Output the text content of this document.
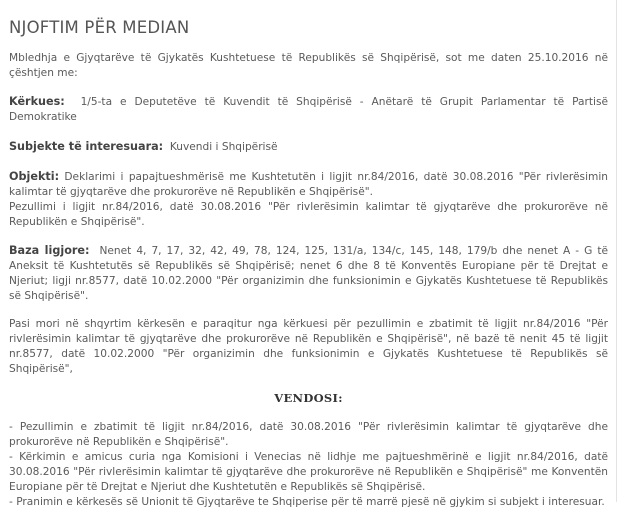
NJOFTIM PËR MEDIAN

Mbledhja e Gjyqtarëve të Gjykatës Kushtetuese të Republikës së Shqipërisë, sot me daten 25.10.2016 në çështjen me:

Kërkues: 1/5-ta e Deputetëve të Kuvendit të Shqipërisë - Anëtarë të Grupit Parlamentar të Partisë Demokratike

Subjekte të interesuara: Kuvendi i Shqipërisë

Objekti: Deklarimi i papajtueshmërisë me Kushtetutën i ligjit nr.84/2016, datë 30.08.2016 "Për rivlerësimin kalimtar të gjyqtarëve dhe prokurorëve në Republikën e Shqipërisë".
Pezullimi i ligjit nr.84/2016, datë 30.08.2016 "Për rivlerësimin kalimtar të gjyqtarëve dhe prokurorëve në Republikën e Shqipërisë".

Baza ligjore: Nenet 4, 7, 17, 32, 42, 49, 78, 124, 125, 131/a, 134/c, 145, 148, 179/b dhe nenet A - G të Aneksit të Kushtetutës së Republikës së Shqipërisë; nenet 6 dhe 8 të Konventës Europiane për të Drejtat e Njeriut; ligji nr.8577, datë 10.02.2000 "Për organizimin dhe funksionimin e Gjykatës Kushtetuese të Republikës së Shqipërisë".

Pasi mori në shqyrtim kërkesën e paraqitur nga kërkuesi për pezullimin e zbatimit të ligjit nr.84/2016 "Për rivlerësimin kalimtar të gjyqtarëve dhe prokurorëve në Republikën e Shqipërisë", në bazë të nenit 45 të ligjit nr.8577, datë 10.02.2000 "Për organizimin dhe funksionimin e Gjykatës Kushtetuese të Republikës së Shqipërisë",

VENDOSI:

- Pezullimin e zbatimit të ligjit nr.84/2016, datë 30.08.2016 "Për rivlerësimin kalimtar të gjyqtarëve dhe prokurorëve në Republikën e Shqipërisë".
- Kërkimin e amicus curia nga Komisioni i Venecias në lidhje me pajtueshmërinë e ligjit nr.84/2016, datë 30.08.2016 "Për rivlerësimin kalimtar të gjyqtarëve dhe prokurorëve në Republikën e Shqipërisë" me Konventën Europiane për të Drejtat e Njeriut dhe Kushtetutën e Republikës së Shqipërisë.
- Pranimin e kërkesës së Unionit të Gjyqtarëve te Shqiperise për të marrë pjesë në gjykim si subjekt i interesuar.
